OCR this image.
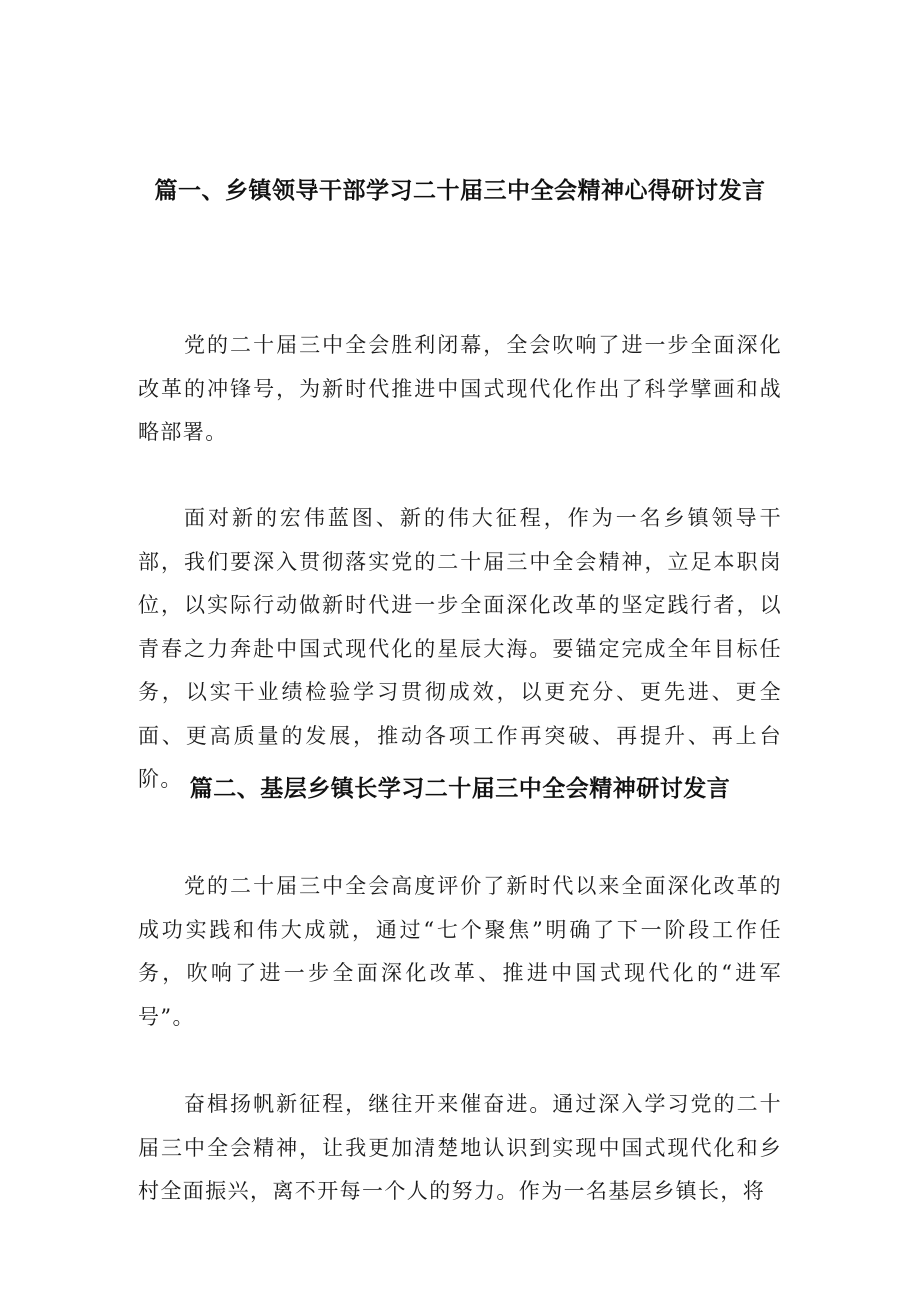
篇一、乡镇领导干部学习二十届三中全会精神心得研讨发言

党的二十届三中全会胜利闭幕，全会吹响了进一步全面深化改革的冲锋号，为新时代推进中国式现代化作出了科学擘画和战略部署。

面对新的宏伟蓝图、新的伟大征程，作为一名乡镇领导干部，我们要深入贯彻落实党的二十届三中全会精神，立足本职岗位，以实际行动做新时代进一步全面深化改革的坚定践行者，以青春之力奔赴中国式现代化的星辰大海。要锚定完成全年目标任务，以实干业绩检验学习贯彻成效，以更充分、更先进、更全面、更高质量的发展，推动各项工作再突破、再提升、再上台阶。 篇二、基层乡镇长学习二十届三中全会精神研讨发言

党的二十届三中全会高度评价了新时代以来全面深化改革的成功实践和伟大成就，通过“七个聚焦”明确了下一阶段工作任务，吹响了进一步全面深化改革、推进中国式现代化的“进军号”。

奋楫扬帆新征程，继往开来催奋进。通过深入学习党的二十届三中全会精神，让我更加清楚地认识到实现中国式现代化和乡村全面振兴，离不开每一个人的努力。作为一名基层乡镇长，将
